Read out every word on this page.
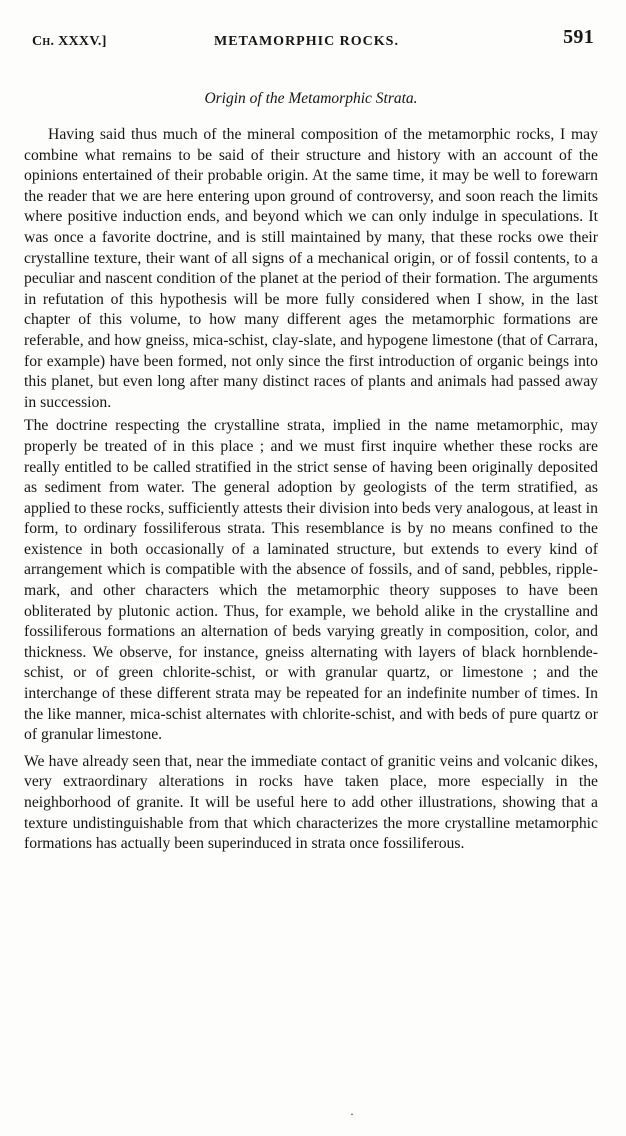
Ch. XXXV.]	METAMORPHIC ROCKS.	591
Origin of the Metamorphic Strata.

Having said thus much of the mineral composition of the metamorphic rocks, I may combine what remains to be said of their structure and history with an account of the opinions entertained of their probable origin. At the same time, it may be well to forewarn the reader that we are here entering upon ground of controversy, and soon reach the limits where positive induction ends, and beyond which we can only indulge in speculations. It was once a favorite doctrine, and is still maintained by many, that these rocks owe their crystalline texture, their want of all signs of a mechanical origin, or of fossil contents, to a peculiar and nascent condition of the planet at the period of their formation. The arguments in refutation of this hypothesis will be more fully considered when I show, in the last chapter of this volume, to how many different ages the metamorphic formations are referable, and how gneiss, mica-schist, clay-slate, and hypogene limestone (that of Carrara, for example) have been formed, not only since the first introduction of organic beings into this planet, but even long after many distinct races of plants and animals had passed away in succession.

The doctrine respecting the crystalline strata, implied in the name metamorphic, may properly be treated of in this place ; and we must first inquire whether these rocks are really entitled to be called stratified in the strict sense of having been originally deposited as sediment from water. The general adoption by geologists of the term stratified, as applied to these rocks, sufficiently attests their division into beds very analogous, at least in form, to ordinary fossiliferous strata. This resemblance is by no means confined to the existence in both occasionally of a laminated structure, but extends to every kind of arrangement which is compatible with the absence of fossils, and of sand, pebbles, ripple-mark, and other characters which the metamorphic theory supposes to have been obliterated by plutonic action. Thus, for example, we behold alike in the crystalline and fossiliferous formations an alternation of beds varying greatly in composition, color, and thickness. We observe, for instance, gneiss alternating with layers of black hornblende-schist, or of green chlorite-schist, or with granular quartz, or limestone ; and the interchange of these different strata may be repeated for an indefinite number of times. In the like manner, mica-schist alternates with chlorite-schist, and with beds of pure quartz or of granular limestone.

We have already seen that, near the immediate contact of granitic veins and volcanic dikes, very extraordinary alterations in rocks have taken place, more especially in the neighborhood of granite. It will be useful here to add other illustrations, showing that a texture undistinguishable from that which characterizes the more crystalline metamorphic formations has actually been superinduced in strata once fossiliferous.

·
